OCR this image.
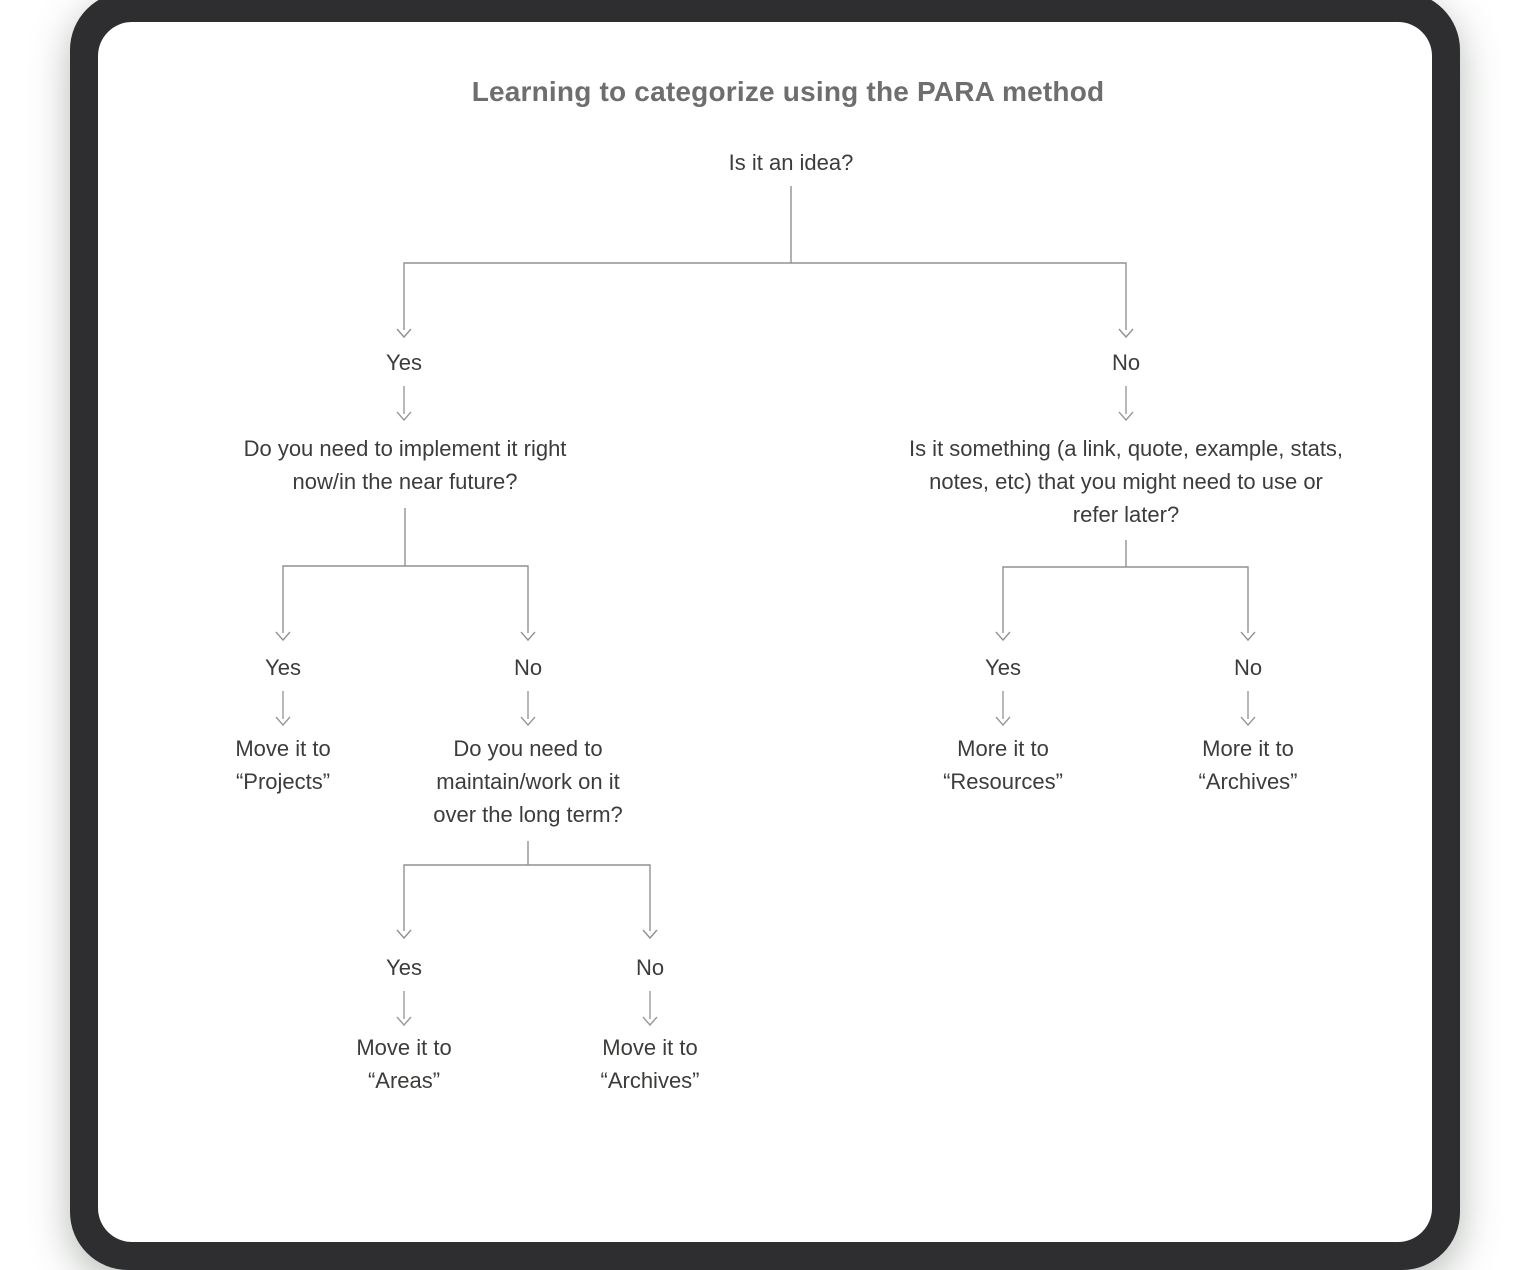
Learning to categorize using the PARA method
Is it an idea?
Yes	No
Do you need to implement it right
now/in the near future?
Is it something (a link, quote, example, stats,
notes, etc) that you might need to use or
refer later?
Yes	No	Yes	No
Move it to
“Projects”
Do you need to
maintain/work on it
over the long term?
More it to
“Resources”
More it to
“Archives”
Yes	No
Move it to
“Areas”
Move it to
“Archives”
